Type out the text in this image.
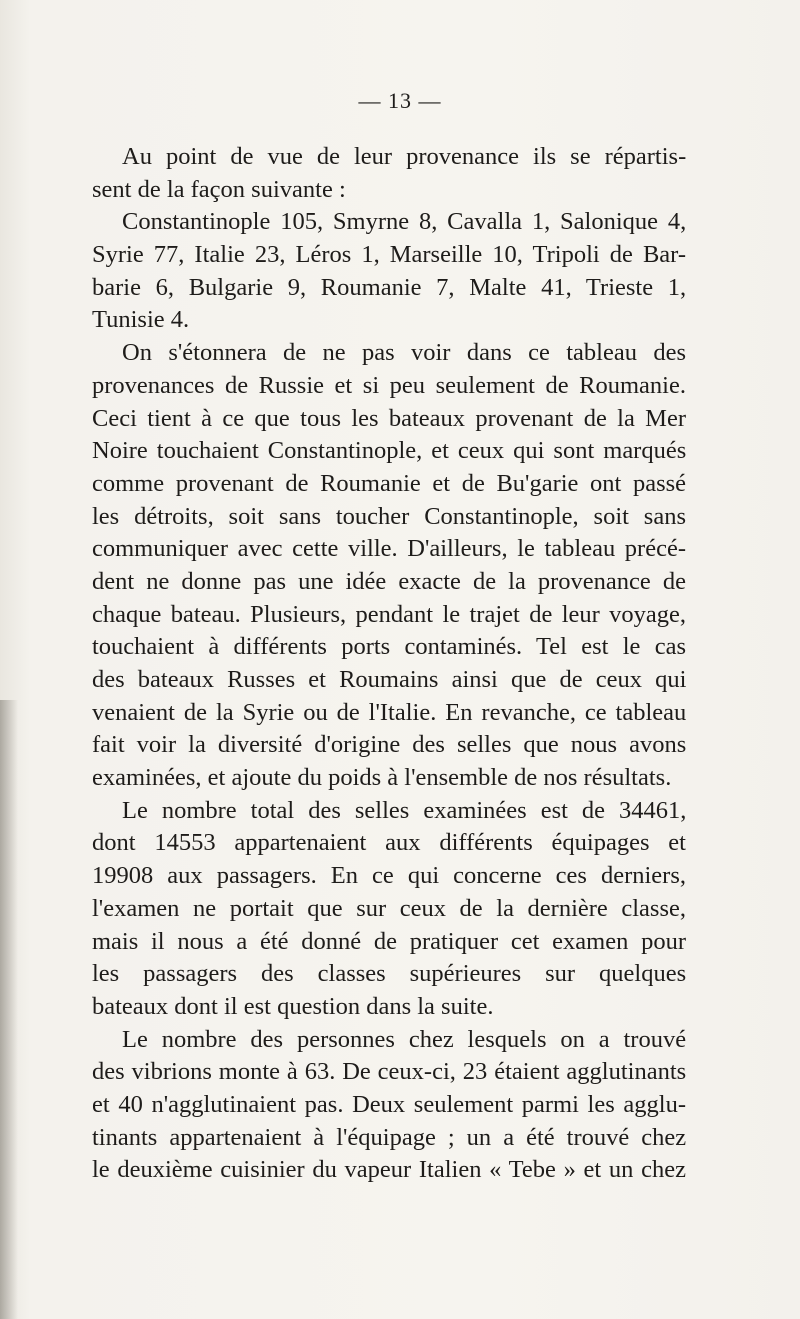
— 13 —

Au point de vue de leur provenance ils se répartis-
sent de la façon suivante :

Constantinople 105, Smyrne 8, Cavalla 1, Salonique 4,
Syrie 77, Italie 23, Léros 1, Marseille 10, Tripoli de Bar-
barie 6, Bulgarie 9, Roumanie 7, Malte 41, Trieste 1,
Tunisie 4.

On s'étonnera de ne pas voir dans ce tableau des
provenances de Russie et si peu seulement de Roumanie.
Ceci tient à ce que tous les bateaux provenant de la Mer
Noire touchaient Constantinople, et ceux qui sont marqués
comme provenant de Roumanie et de Bu'garie ont passé
les détroits, soit sans toucher Constantinople, soit sans
communiquer avec cette ville. D'ailleurs, le tableau précé-
dent ne donne pas une idée exacte de la provenance de
chaque bateau. Plusieurs, pendant le trajet de leur voyage,
touchaient à différents ports contaminés. Tel est le cas
des bateaux Russes et Roumains ainsi que de ceux qui
venaient de la Syrie ou de l'Italie. En revanche, ce tableau
fait voir la diversité d'origine des selles que nous avons
examinées, et ajoute du poids à l'ensemble de nos résultats.

Le nombre total des selles examinées est de 34461,
dont 14553 appartenaient aux différents équipages et
19908 aux passagers. En ce qui concerne ces derniers,
l'examen ne portait que sur ceux de la dernière classe,
mais il nous a été donné de pratiquer cet examen pour
les passagers des classes supérieures sur quelques
bateaux dont il est question dans la suite.

Le nombre des personnes chez lesquels on a trouvé
des vibrions monte à 63. De ceux-ci, 23 étaient agglutinants
et 40 n'agglutinaient pas. Deux seulement parmi les agglu-
tinants appartenaient à l'équipage ; un a été trouvé chez
le deuxième cuisinier du vapeur Italien « Tebe » et un chez
